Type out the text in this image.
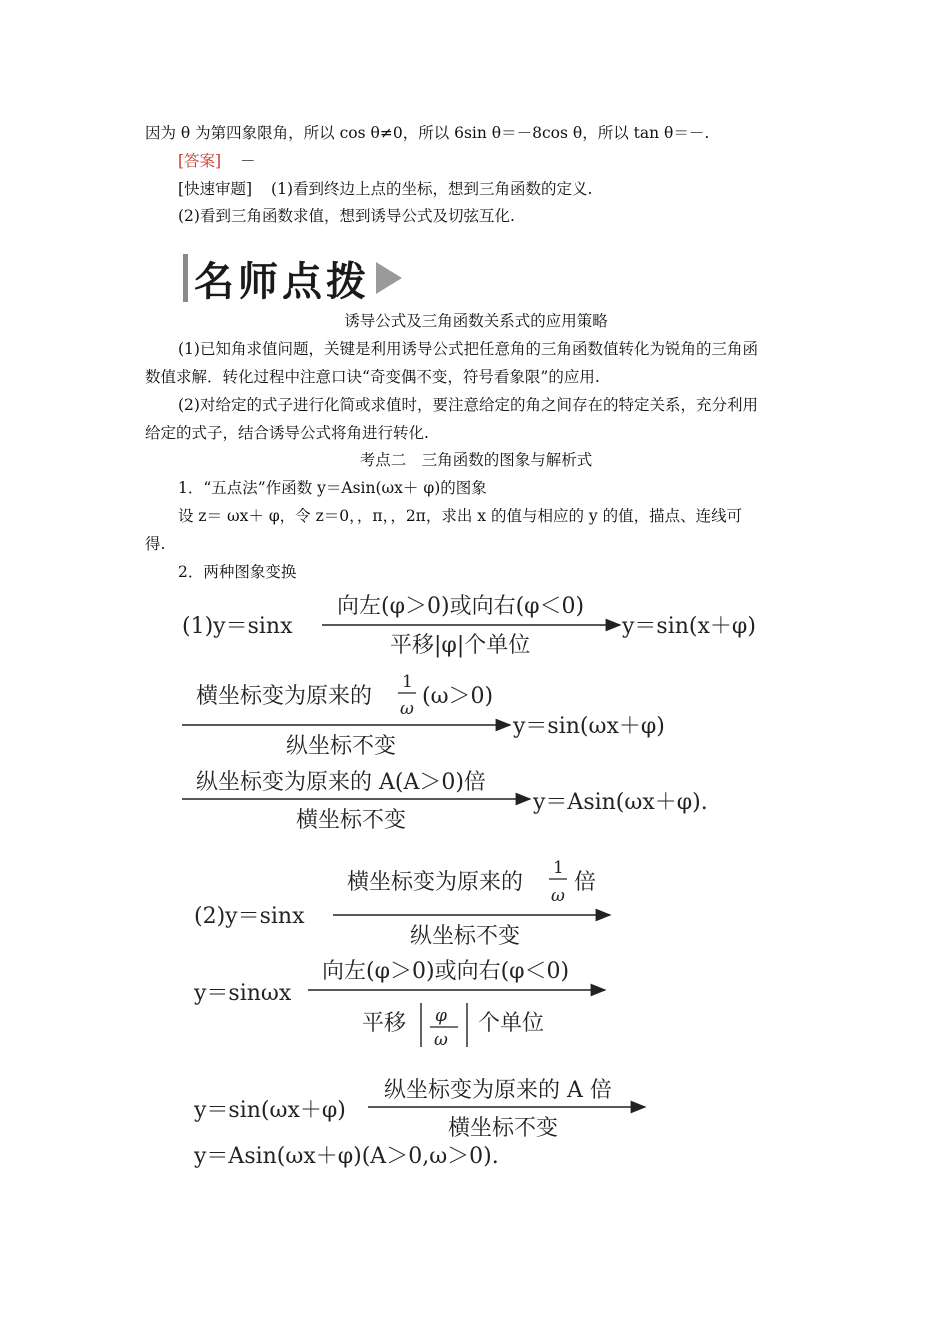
因为 θ 为第四象限角，所以 cos θ≠0，所以 6sin θ＝－8cos θ，所以 tan θ＝－.
[答案] －
[快速审题] (1)看到终边上点的坐标，想到三角函数的定义.
(2)看到三角函数求值，想到诱导公式及切弦互化.
名师点拨
诱导公式及三角函数关系式的应用策略
(1)已知角求值问题，关键是利用诱导公式把任意角的三角函数值转化为锐角的三角函
数值求解．转化过程中注意口诀“奇变偶不变，符号看象限”的应用.
(2)对给定的式子进行化简或求值时，要注意给定的角之间存在的特定关系，充分利用
给定的式子，结合诱导公式将角进行转化.
考点二　三角函数的图象与解析式
1．“五点法”作函数 y＝Asin(ωx＋ φ)的图象
设 z＝ ωx＋ φ，令 z＝0，，π，，2π，求出 x 的值与相应的 y 的值，描点、连线可
得.
2．两种图象变换
(1)y＝sinx
向左(φ＞0)或向右(φ＜0)
平移|φ|个单位
y＝sin(x＋φ)
横坐标变为原来的
1
ω (ω＞0)
纵坐标不变
y＝sin(ωx＋φ)
纵坐标变为原来的 A(A＞0)倍
横坐标不变
y＝Asin(ωx＋φ).
横坐标变为原来的
1
ω
倍
(2)y＝sinx
纵坐标不变
向左(φ＞0)或向右(φ＜0)
y＝sinωx
平移 φ
ω
个单位
纵坐标变为原来的 A 倍
y＝sin(ωx＋φ)
横坐标不变
y＝Asin(ωx＋φ)(A＞0,ω＞0).
